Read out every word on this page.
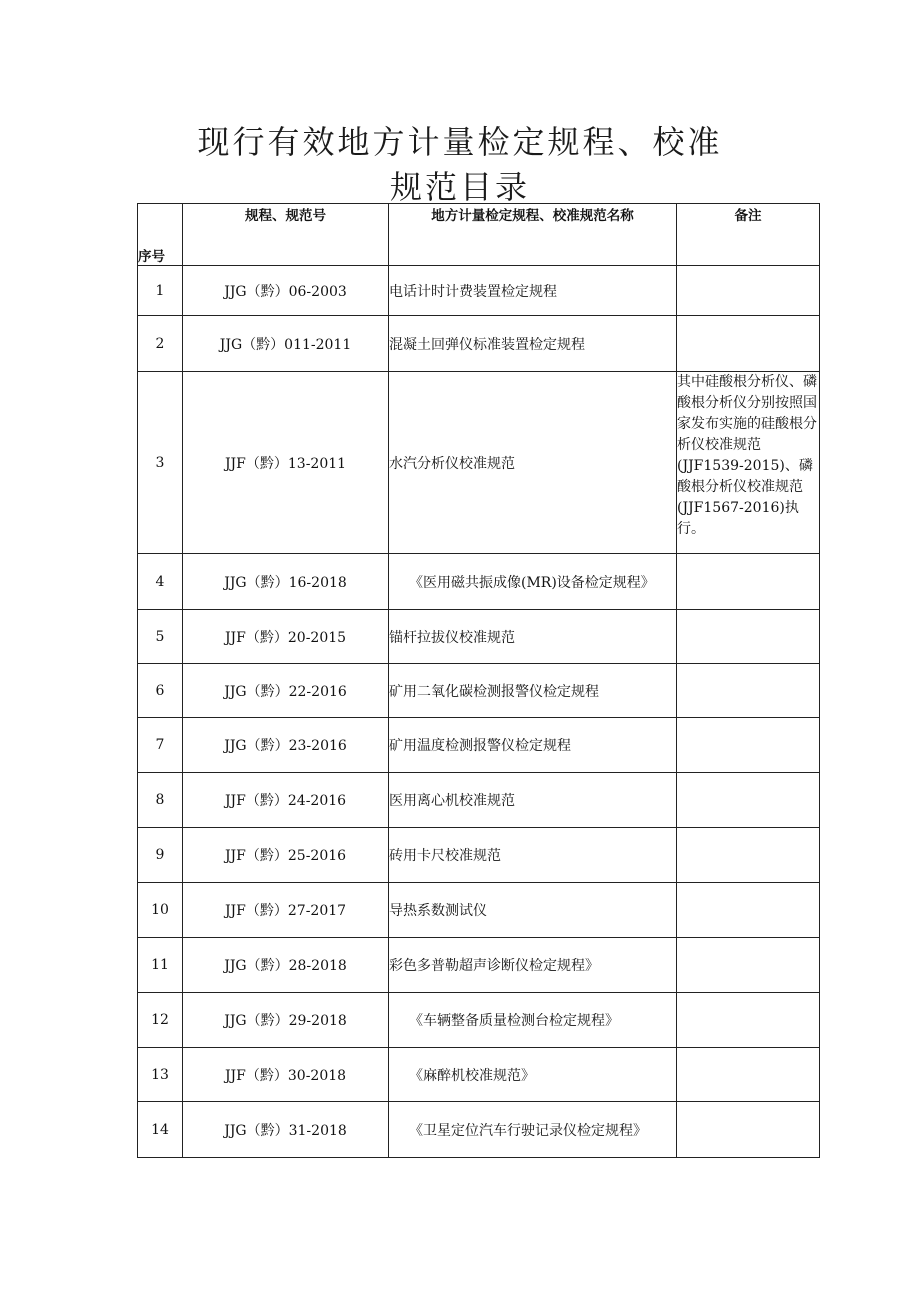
现行有效地方计量检定规程、校准
规范目录
序号	规程、规范号	地方计量检定规程、校准规范名称	备注
1	JJG（黔）06-2003	电话计时计费装置检定规程	
2	JJG（黔）011-2011	混凝土回弹仪标准装置检定规程	
3	JJF（黔）13-2011	水汽分析仪校准规范	其中硅酸根分析仪、磷酸根分析仪分别按照国家发布实施的硅酸根分析仪校准规范(JJF1539-2015)、磷酸根分析仪校准规范(JJF1567-2016)执行。
4	JJG（黔）16-2018	《医用磁共振成像(MR)设备检定规程》	
5	JJF（黔）20-2015	锚杆拉拔仪校准规范	
6	JJG（黔）22-2016	矿用二氧化碳检测报警仪检定规程	
7	JJG（黔）23-2016	矿用温度检测报警仪检定规程	
8	JJF（黔）24-2016	医用离心机校准规范	
9	JJF（黔）25-2016	砖用卡尺校准规范	
10	JJF（黔）27-2017	导热系数测试仪	
11	JJG（黔）28-2018	彩色多普勒超声诊断仪检定规程》	
12	JJG（黔）29-2018	《车辆整备质量检测台检定规程》	
13	JJF（黔）30-2018	《麻醉机校准规范》	
14	JJG（黔）31-2018	《卫星定位汽车行驶记录仪检定规程》	
